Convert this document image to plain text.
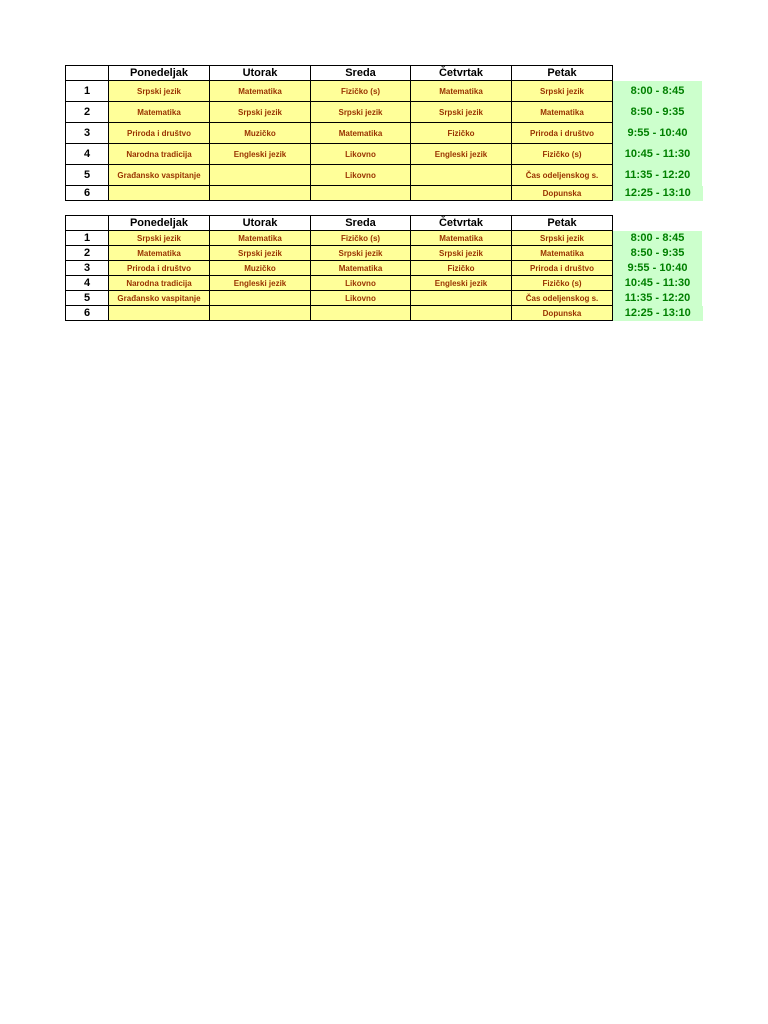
	Ponedeljak	Utorak	Sreda	Četvrtak	Petak	
1	Srpski jezik	Matematika	Fizičko (s)	Matematika	Srpski jezik	8:00 - 8:45
2	Matematika	Srpski jezik	Srpski jezik	Srpski jezik	Matematika	8:50 - 9:35
3	Priroda i društvo	Muzičko	Matematika	Fizičko	Priroda i društvo	9:55 - 10:40
4	Narodna tradicija	Engleski jezik	Likovno	Engleski jezik	Fizičko (s)	10:45 - 11:30
5	Građansko vaspitanje		Likovno		Čas odeljenskog s.	11:35 - 12:20
6					Dopunska	12:25 - 13:10
	Ponedeljak	Utorak	Sreda	Četvrtak	Petak	
1	Srpski jezik	Matematika	Fizičko (s)	Matematika	Srpski jezik	8:00 - 8:45
2	Matematika	Srpski jezik	Srpski jezik	Srpski jezik	Matematika	8:50 - 9:35
3	Priroda i društvo	Muzičko	Matematika	Fizičko	Priroda i društvo	9:55 - 10:40
4	Narodna tradicija	Engleski jezik	Likovno	Engleski jezik	Fizičko (s)	10:45 - 11:30
5	Građansko vaspitanje		Likovno		Čas odeljenskog s.	11:35 - 12:20
6					Dopunska	12:25 - 13:10
